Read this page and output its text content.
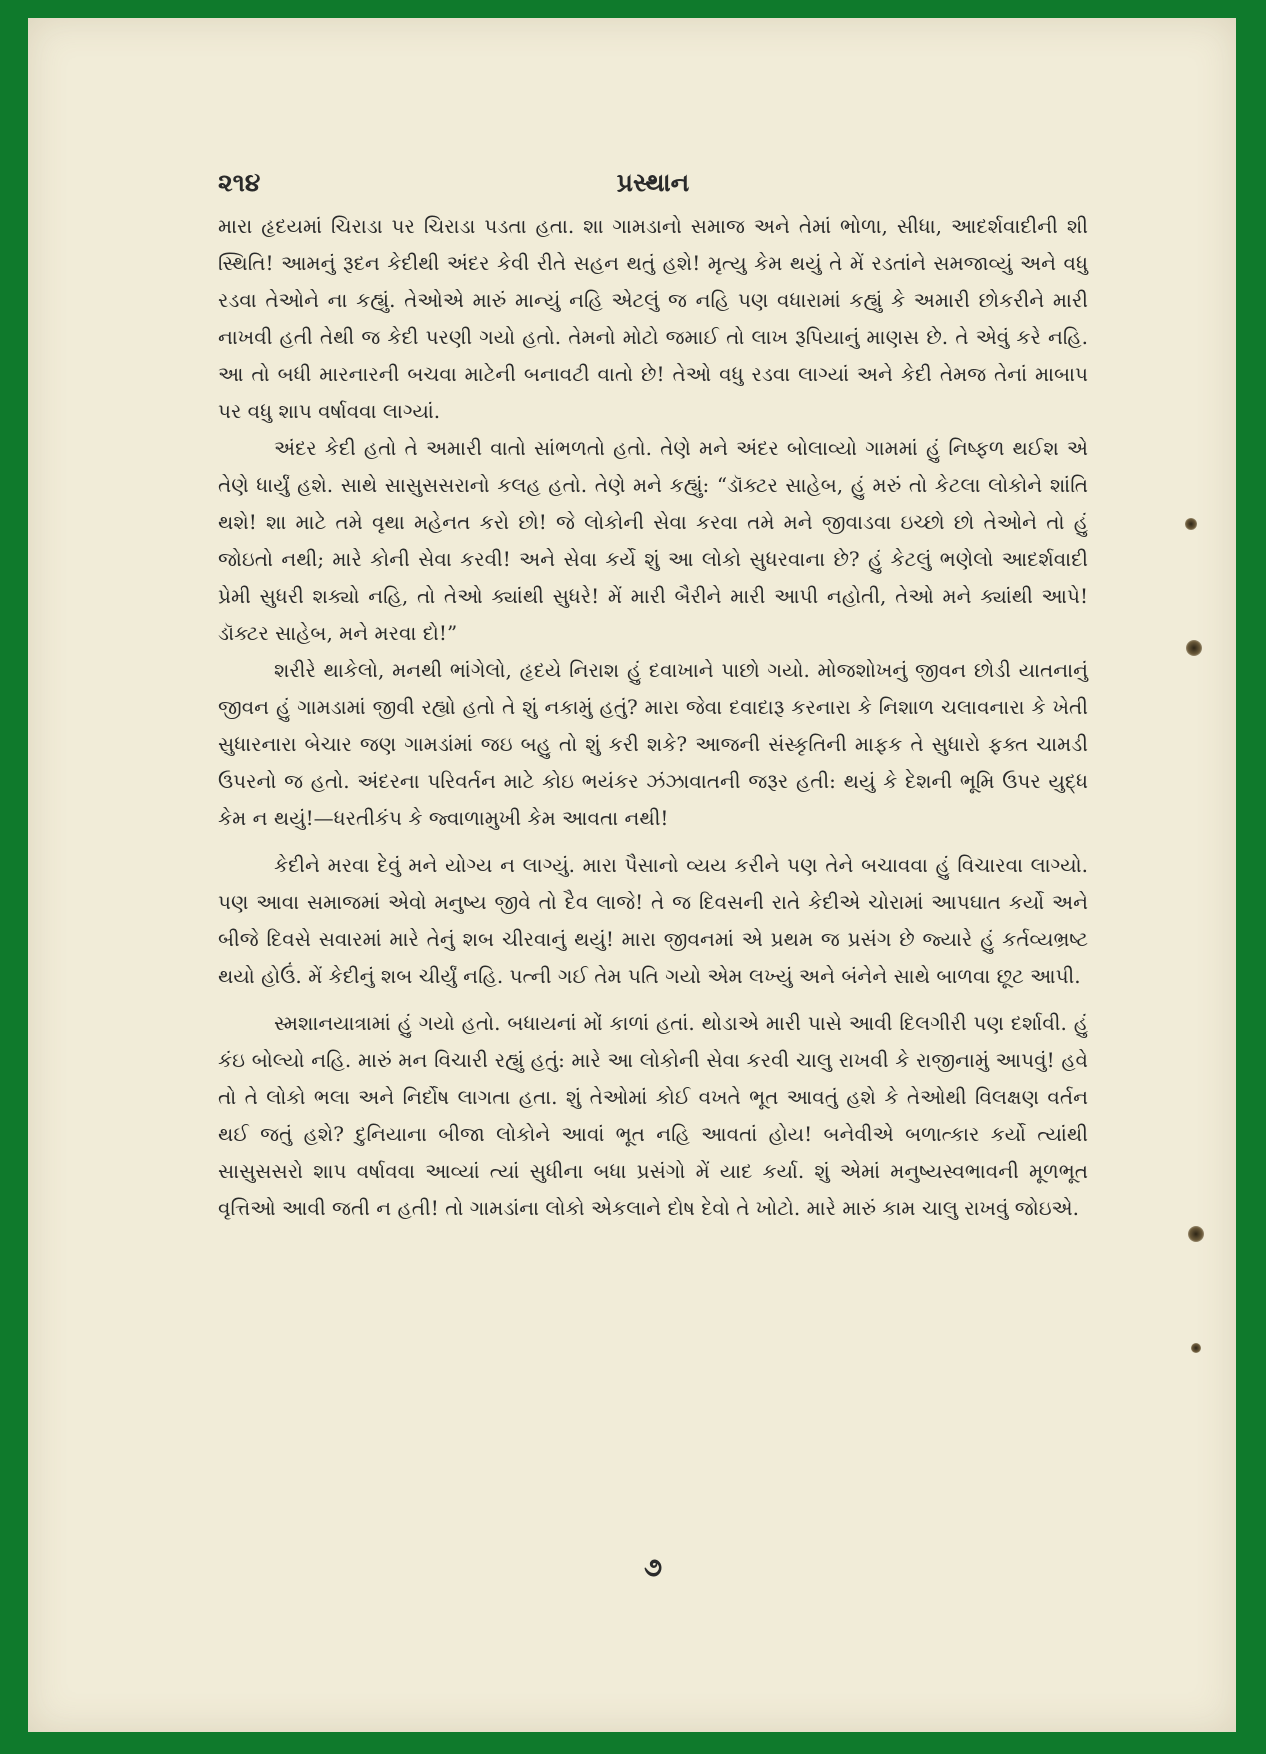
૨૧૪	પ્રસ્થાન

મારા હૃદયમાં ચિરાડા પર ચિરાડા પડતા હતા. શા ગામડાનો સમાજ અને તેમાં ભોળા, સીધા, આદર્શવાદીની શી સ્થિતિ! આમનું રૂદન કેદીથી અંદર કેવી રીતે સહન થતું હશે! મૃત્યુ કેમ થયું તે મેં રડતાંને સમજાવ્યું અને વધુ રડવા તેઓને ના કહ્યું. તેઓએ મારું માન્યું નહિ એટલું જ નહિ પણ વધારામાં કહ્યું કે અમારી છોકરીને મારી નાખવી હતી તેથી જ કેદી પરણી ગયો હતો. તેમનો મોટો જમાઈ તો લાખ રૂપિયાનું માણસ છે. તે એવું કરે નહિ. આ તો બધી મારનારની બચવા માટેની બનાવટી વાતો છે! તેઓ વધુ રડવા લાગ્યાં અને કેદી તેમજ તેનાં માબાપ પર વધુ શાપ વર્ષાવવા લાગ્યાં.

અંદર કેદી હતો તે અમારી વાતો સાંભળતો હતો. તેણે મને અંદર બોલાવ્યો ગામમાં હું નિષ્ફળ થઈશ એ તેણે ધાર્યું હશે. સાથે સાસુસસરાનો કલહ હતો. તેણે મને કહ્યું: “ડૉક્ટર સાહેબ, હું મરું તો કેટલા લોકોને શાંતિ થશે! શા માટે તમે વૃથા મહેનત કરો છો! જે લોકોની સેવા કરવા તમે મને જીવાડવા ઇચ્છો છો તેઓને તો હું જોઇતો નથી; મારે કોની સેવા કરવી! અને સેવા કર્યે શું આ લોકો સુધરવાના છે? હું કેટલું ભણેલો આદર્શવાદી પ્રેમી સુધરી શક્યો નહિ, તો તેઓ ક્યાંથી સુધરે! મેં મારી બૈરીને મારી આપી નહોતી, તેઓ મને ક્યાંથી આપે! ડૉક્ટર સાહેબ, મને મરવા દો!”

શરીરે થાકેલો, મનથી ભાંગેલો, હૃદયે નિરાશ હું દવાખાને પાછો ગયો. મોજશોખનું જીવન છોડી યાતનાનું જીવન હું ગામડામાં જીવી રહ્યો હતો તે શું નકામું હતું? મારા જેવા દવાદારૂ કરનારા કે નિશાળ ચલાવનારા કે ખેતી સુધારનારા બેચાર જણ ગામડાંમાં જઇ બહુ તો શું કરી શકે? આજની સંસ્કૃતિની માફક તે સુધારો ફક્ત ચામડી ઉપરનો જ હતો. અંદરના પરિવર્તન માટે કોઇ ભયંકર ઝંઝાવાતની જરૂર હતી: થયું કે દેશની ભૂમિ ઉપર યુદ્ધ કેમ ન થયું!—ધરતીકંપ કે જ્વાળામુખી કેમ આવતા નથી!

કેદીને મરવા દેવું મને યોગ્ય ન લાગ્યું. મારા પૈસાનો વ્યય કરીને પણ તેને બચાવવા હું વિચારવા લાગ્યો. પણ આવા સમાજમાં એવો મનુષ્ય જીવે તો દૈવ લાજે! તે જ દિવસની રાતે કેદીએ ચોરામાં આપઘાત કર્યો અને બીજે દિવસે સવારમાં મારે તેનું શબ ચીરવાનું થયું! મારા જીવનમાં એ પ્રથમ જ પ્રસંગ છે જ્યારે હું કર્તવ્યભ્રષ્ટ થયો હોઉં. મેં કેદીનું શબ ચીર્યું નહિ. પત્ની ગઈ તેમ પતિ ગયો એમ લખ્યું અને બંનેને સાથે બાળવા છૂટ આપી.

સ્મશાનયાત્રામાં હું ગયો હતો. બધાયનાં મોં કાળાં હતાં. થોડાએ મારી પાસે આવી દિલગીરી પણ દર્શાવી. હું કંઇ બોલ્યો નહિ. મારું મન વિચારી રહ્યું હતું: મારે આ લોકોની સેવા કરવી ચાલુ રાખવી કે રાજીનામું આપવું! હવે તો તે લોકો ભલા અને નિર્દોષ લાગતા હતા. શું તેઓમાં કોઈ વખતે ભૂત આવતું હશે કે તેઓથી વિલક્ષણ વર્તન થઈ જતું હશે? દુનિયાના બીજા લોકોને આવાં ભૂત નહિ આવતાં હોય! બનેવીએ બળાત્કાર કર્યો ત્યાંથી સાસુસસરો શાપ વર્ષાવવા આવ્યાં ત્યાં સુધીના બધા પ્રસંગો મેં યાદ કર્યા. શું એમાં મનુષ્યસ્વભાવની મૂળભૂત વૃત્તિઓ આવી જતી ન હતી! તો ગામડાંના લોકો એકલાને દોષ દેવો તે ખોટો. મારે મારું કામ ચાલુ રાખવું જોઇએ.

૭
